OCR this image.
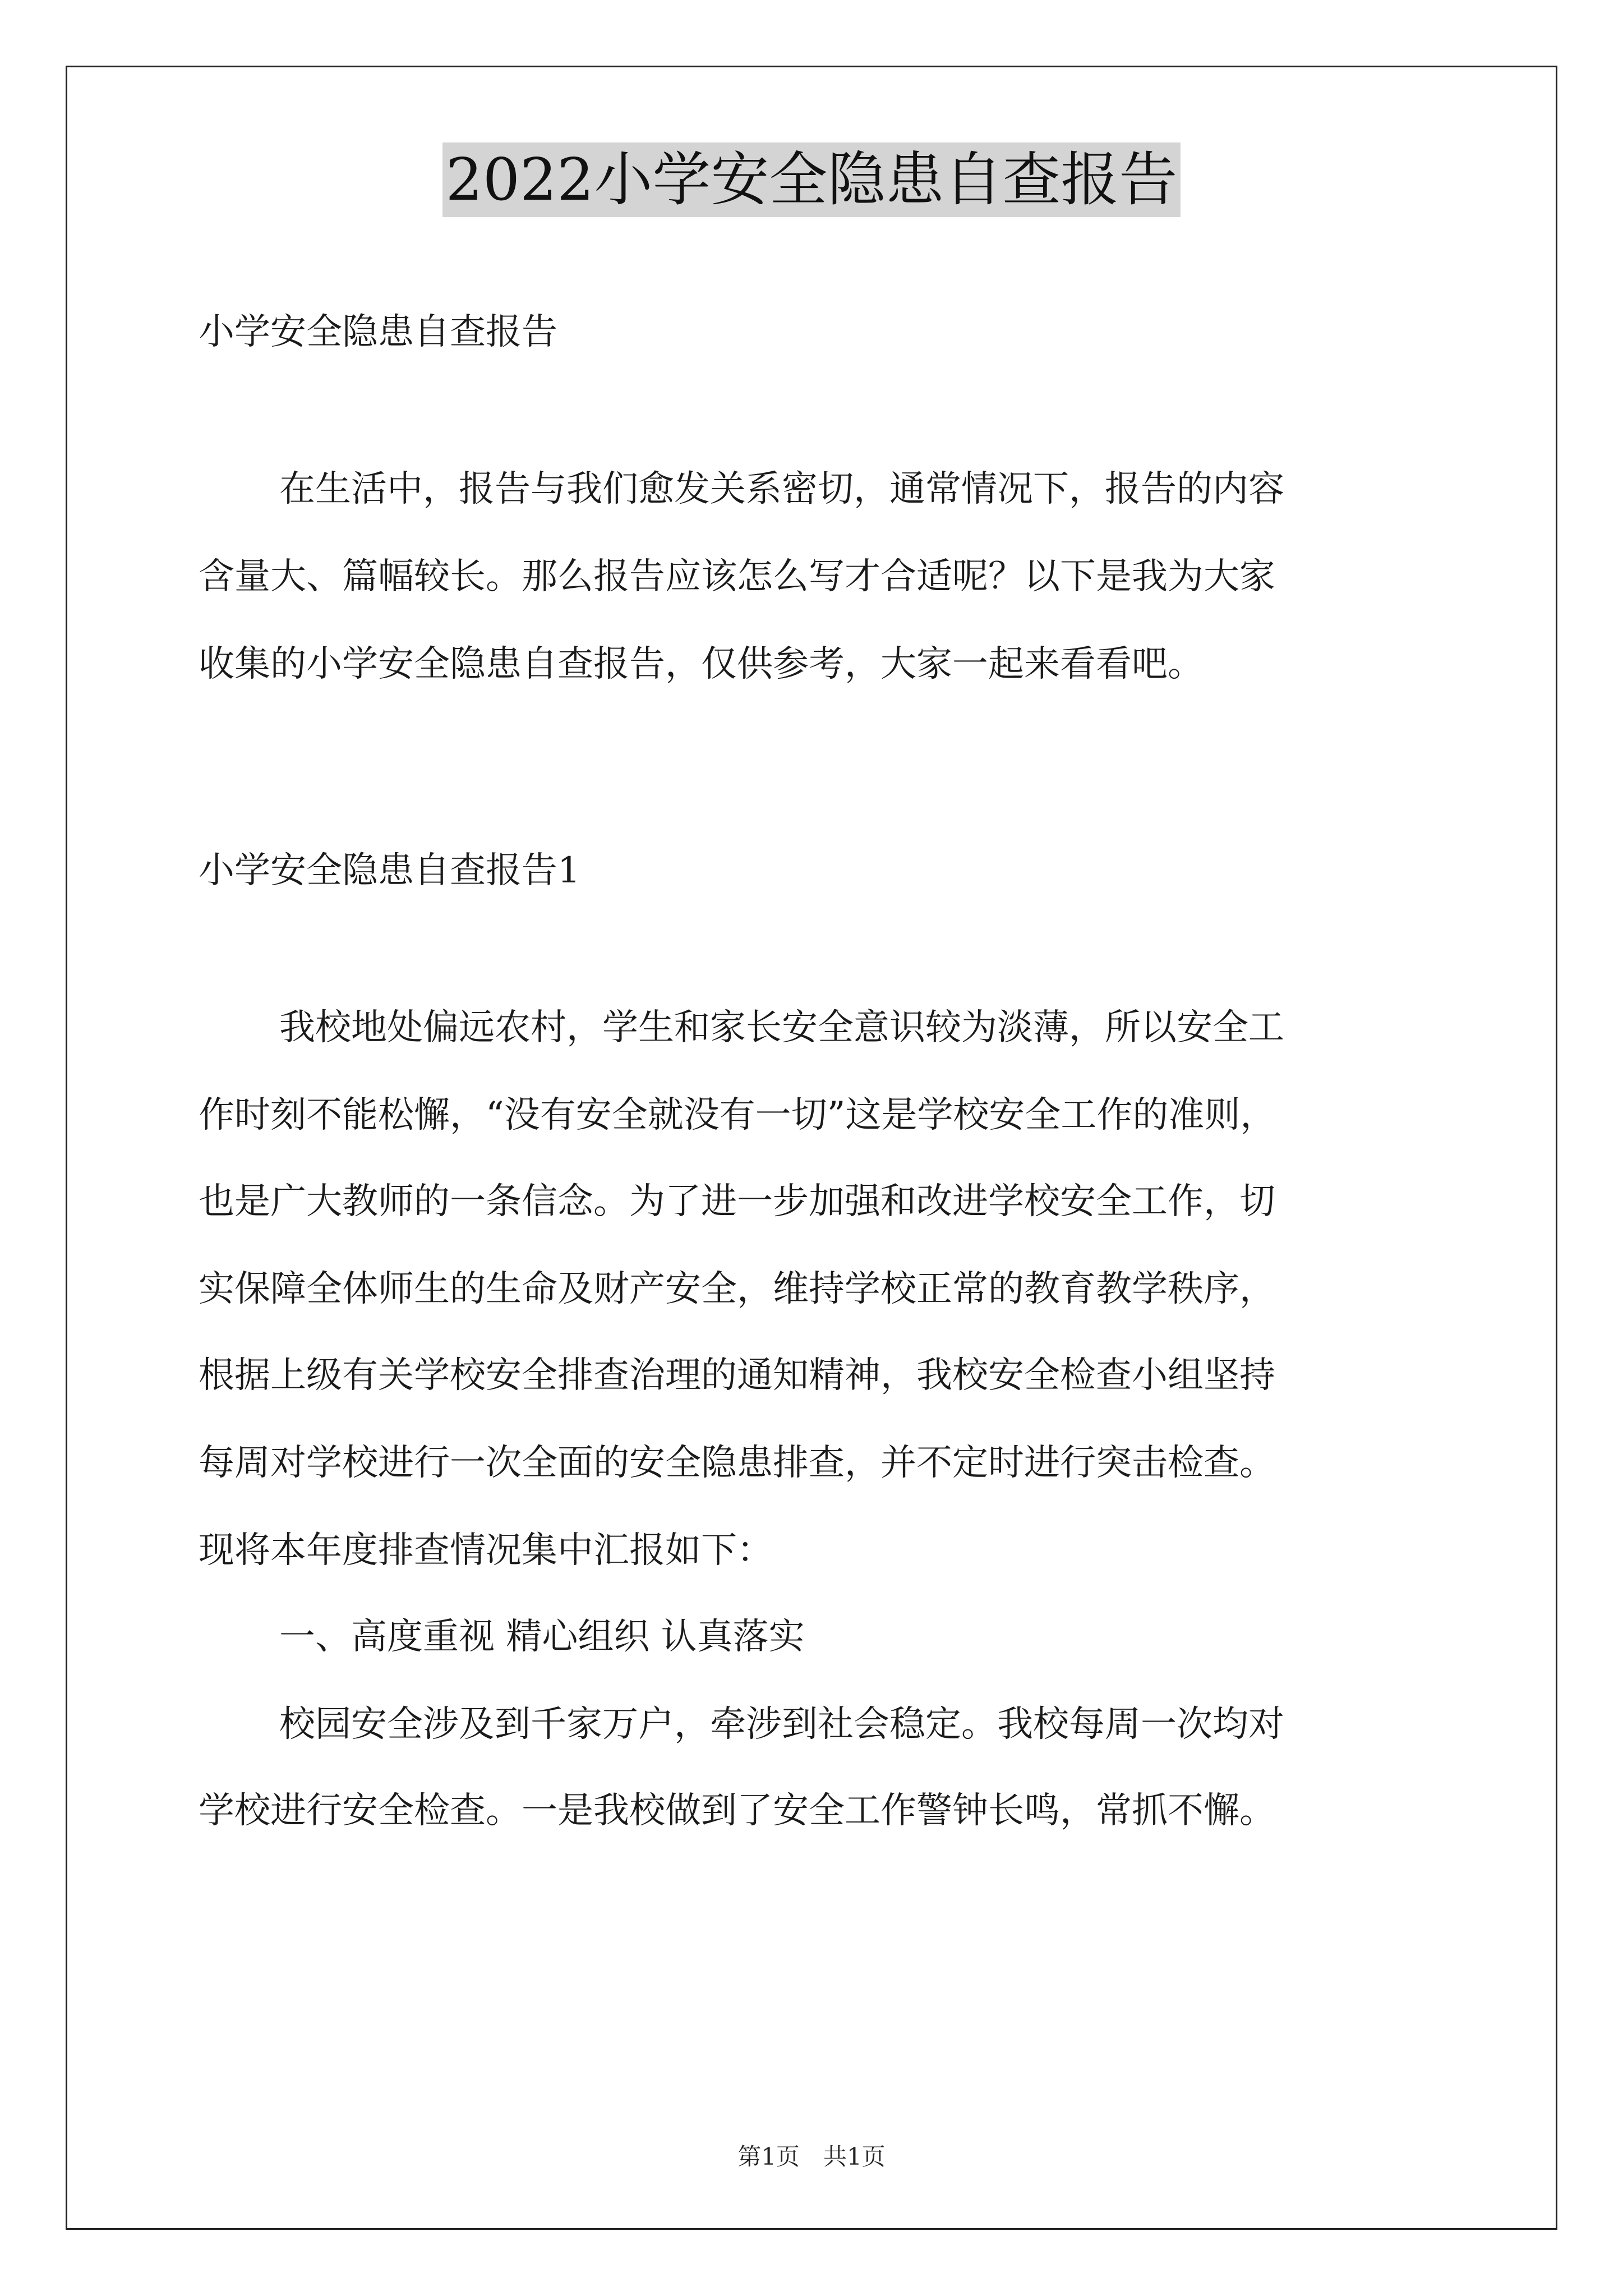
2022小学安全隐患自查报告
小学安全隐患自查报告
在生活中，报告与我们愈发关系密切，通常情况下，报告的内容
含量大、篇幅较长。那么报告应该怎么写才合适呢？以下是我为大家
收集的小学安全隐患自查报告，仅供参考，大家一起来看看吧。
小学安全隐患自查报告1
我校地处偏远农村，学生和家长安全意识较为淡薄，所以安全工
作时刻不能松懈，“没有安全就没有一切”这是学校安全工作的准则，
也是广大教师的一条信念。为了进一步加强和改进学校安全工作，切
实保障全体师生的生命及财产安全，维持学校正常的教育教学秩序，
根据上级有关学校安全排查治理的通知精神，我校安全检查小组坚持
每周对学校进行一次全面的安全隐患排查，并不定时进行突击检查。
现将本年度排查情况集中汇报如下：
一、高度重视 精心组织 认真落实
校园安全涉及到千家万户，牵涉到社会稳定。我校每周一次均对
学校进行安全检查。一是我校做到了安全工作警钟长鸣，常抓不懈。
第1页　共1页
